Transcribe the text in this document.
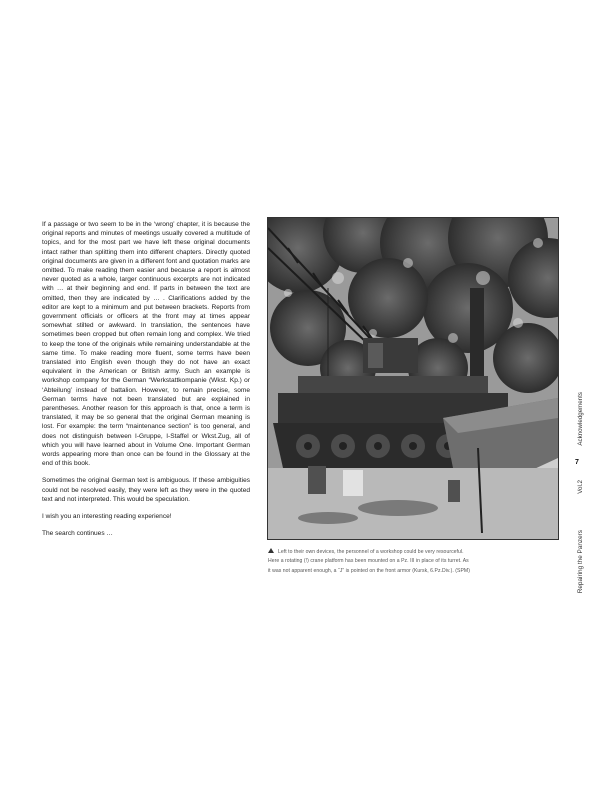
If a passage or two seem to be in the ‘wrong’ chapter, it is because the original reports and minutes of meetings usually covered a multitude of topics, and for the most part we have left these original documents intact rather than splitting them into different chapters. Directly quoted original documents are given in a different font and quotation marks are omitted. To make reading them easier and because a report is almost never quoted as a whole, larger continuous excerpts are not indicated with … at their beginning and end. If parts in between the text are omitted, then they are indicated by … . Clarifications added by the editor are kept to a minimum and put between brackets. Reports from government officials or officers at the front may at times appear somewhat stilted or awkward. In translation, the sentences have sometimes been cropped but often remain long and complex. We tried to keep the tone of the originals while remaining understandable at the same time. To make reading more fluent, some terms have been translated into English even though they do not have an exact equivalent in the American or British army. Such an example is workshop company for the German “Werkstattkompanie (Wkst. Kp.) or ‘Abteilung’ instead of battalion. However, to remain precise, some German terms have not been translated but are explained in parentheses. Another reason for this approach is that, once a term is translated, it may be so general that the original German meaning is lost. For example: the term “maintenance section” is too general, and does not distinguish between I-Gruppe, I-Staffel or Wkst.Zug, all of which you will have learned about in Volume One. Important German words appearing more than once can be found in the Glossary at the end of this book.

Sometimes the original German text is ambiguous. If these ambiguities could not be resolved easily, they were left as they were in the quoted text and not interpreted. This would be speculation.

I wish you an interesting reading experience!

The search continues …

Left to their own devices, the personnel of a workshop could be very resourceful.
Here a rotating (!) crane platform has been mounted on a Pz. III in place of its turret. As
it was not apparent enough, a “J” is pointed on the front armor (Kursk, 6.Pz.Div.). (SPM)
Acknowledgements
7
Vol.2
Repairing the Panzers
